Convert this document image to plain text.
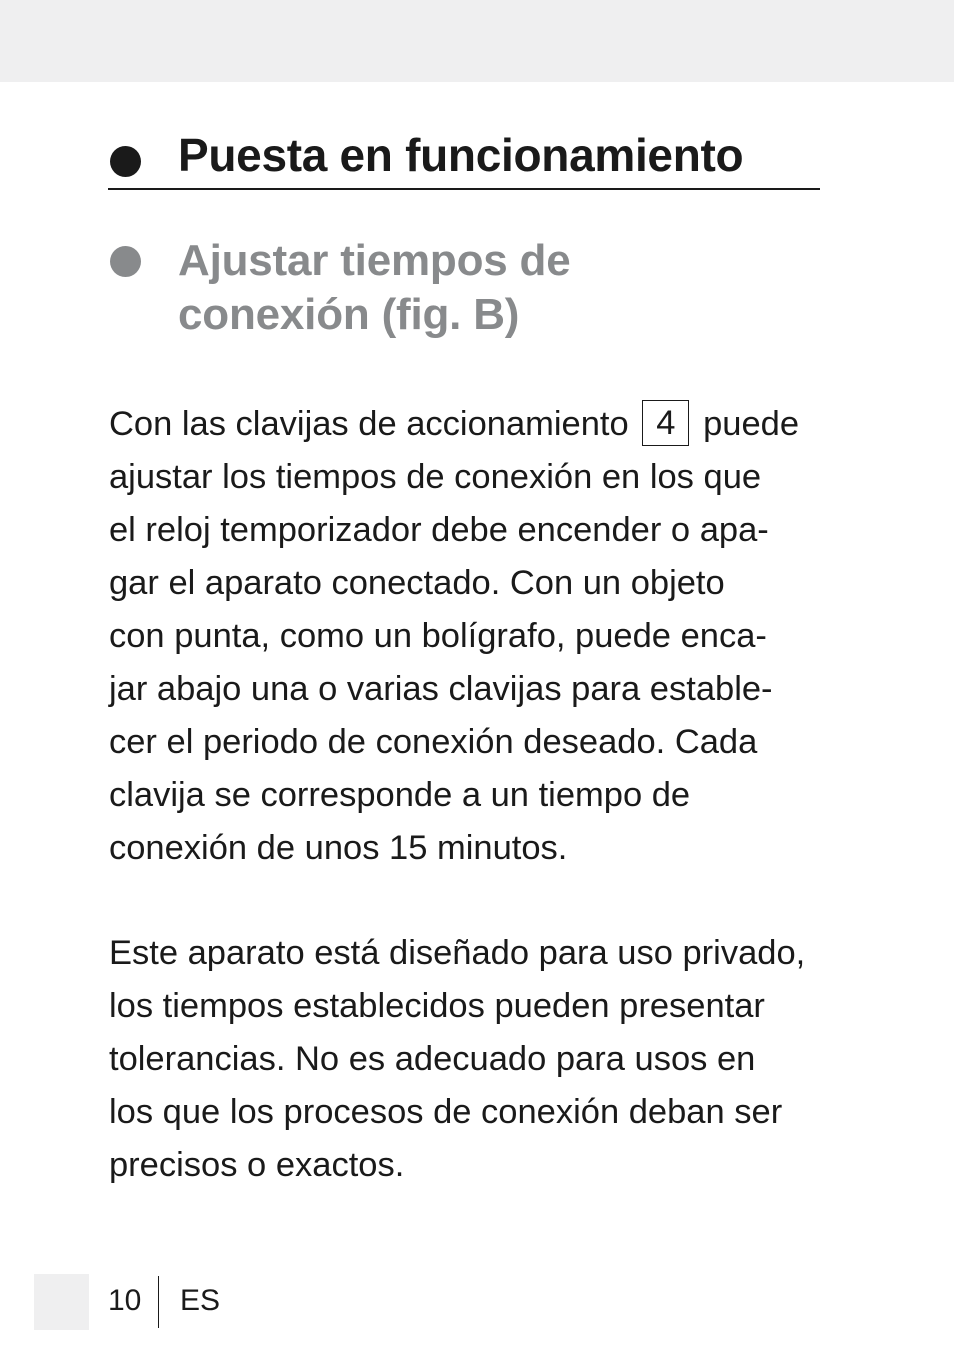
Puesta en funcionamiento
Ajustar tiempos de
conexión (fig. B)
Con las clavijas de accionamiento 4 puede
ajustar los tiempos de conexión en los que
el reloj temporizador debe encender o apa-
gar el aparato conectado. Con un objeto
con punta, como un bolígrafo, puede enca-
jar abajo una o varias clavijas para estable-
cer el periodo de conexión deseado. Cada
clavija se corresponde a un tiempo de
conexión de unos 15 minutos.
Este aparato está diseñado para uso privado,
los tiempos establecidos pueden presentar
tolerancias. No es adecuado para usos en
los que los procesos de conexión deban ser
precisos o exactos.
10 ES
